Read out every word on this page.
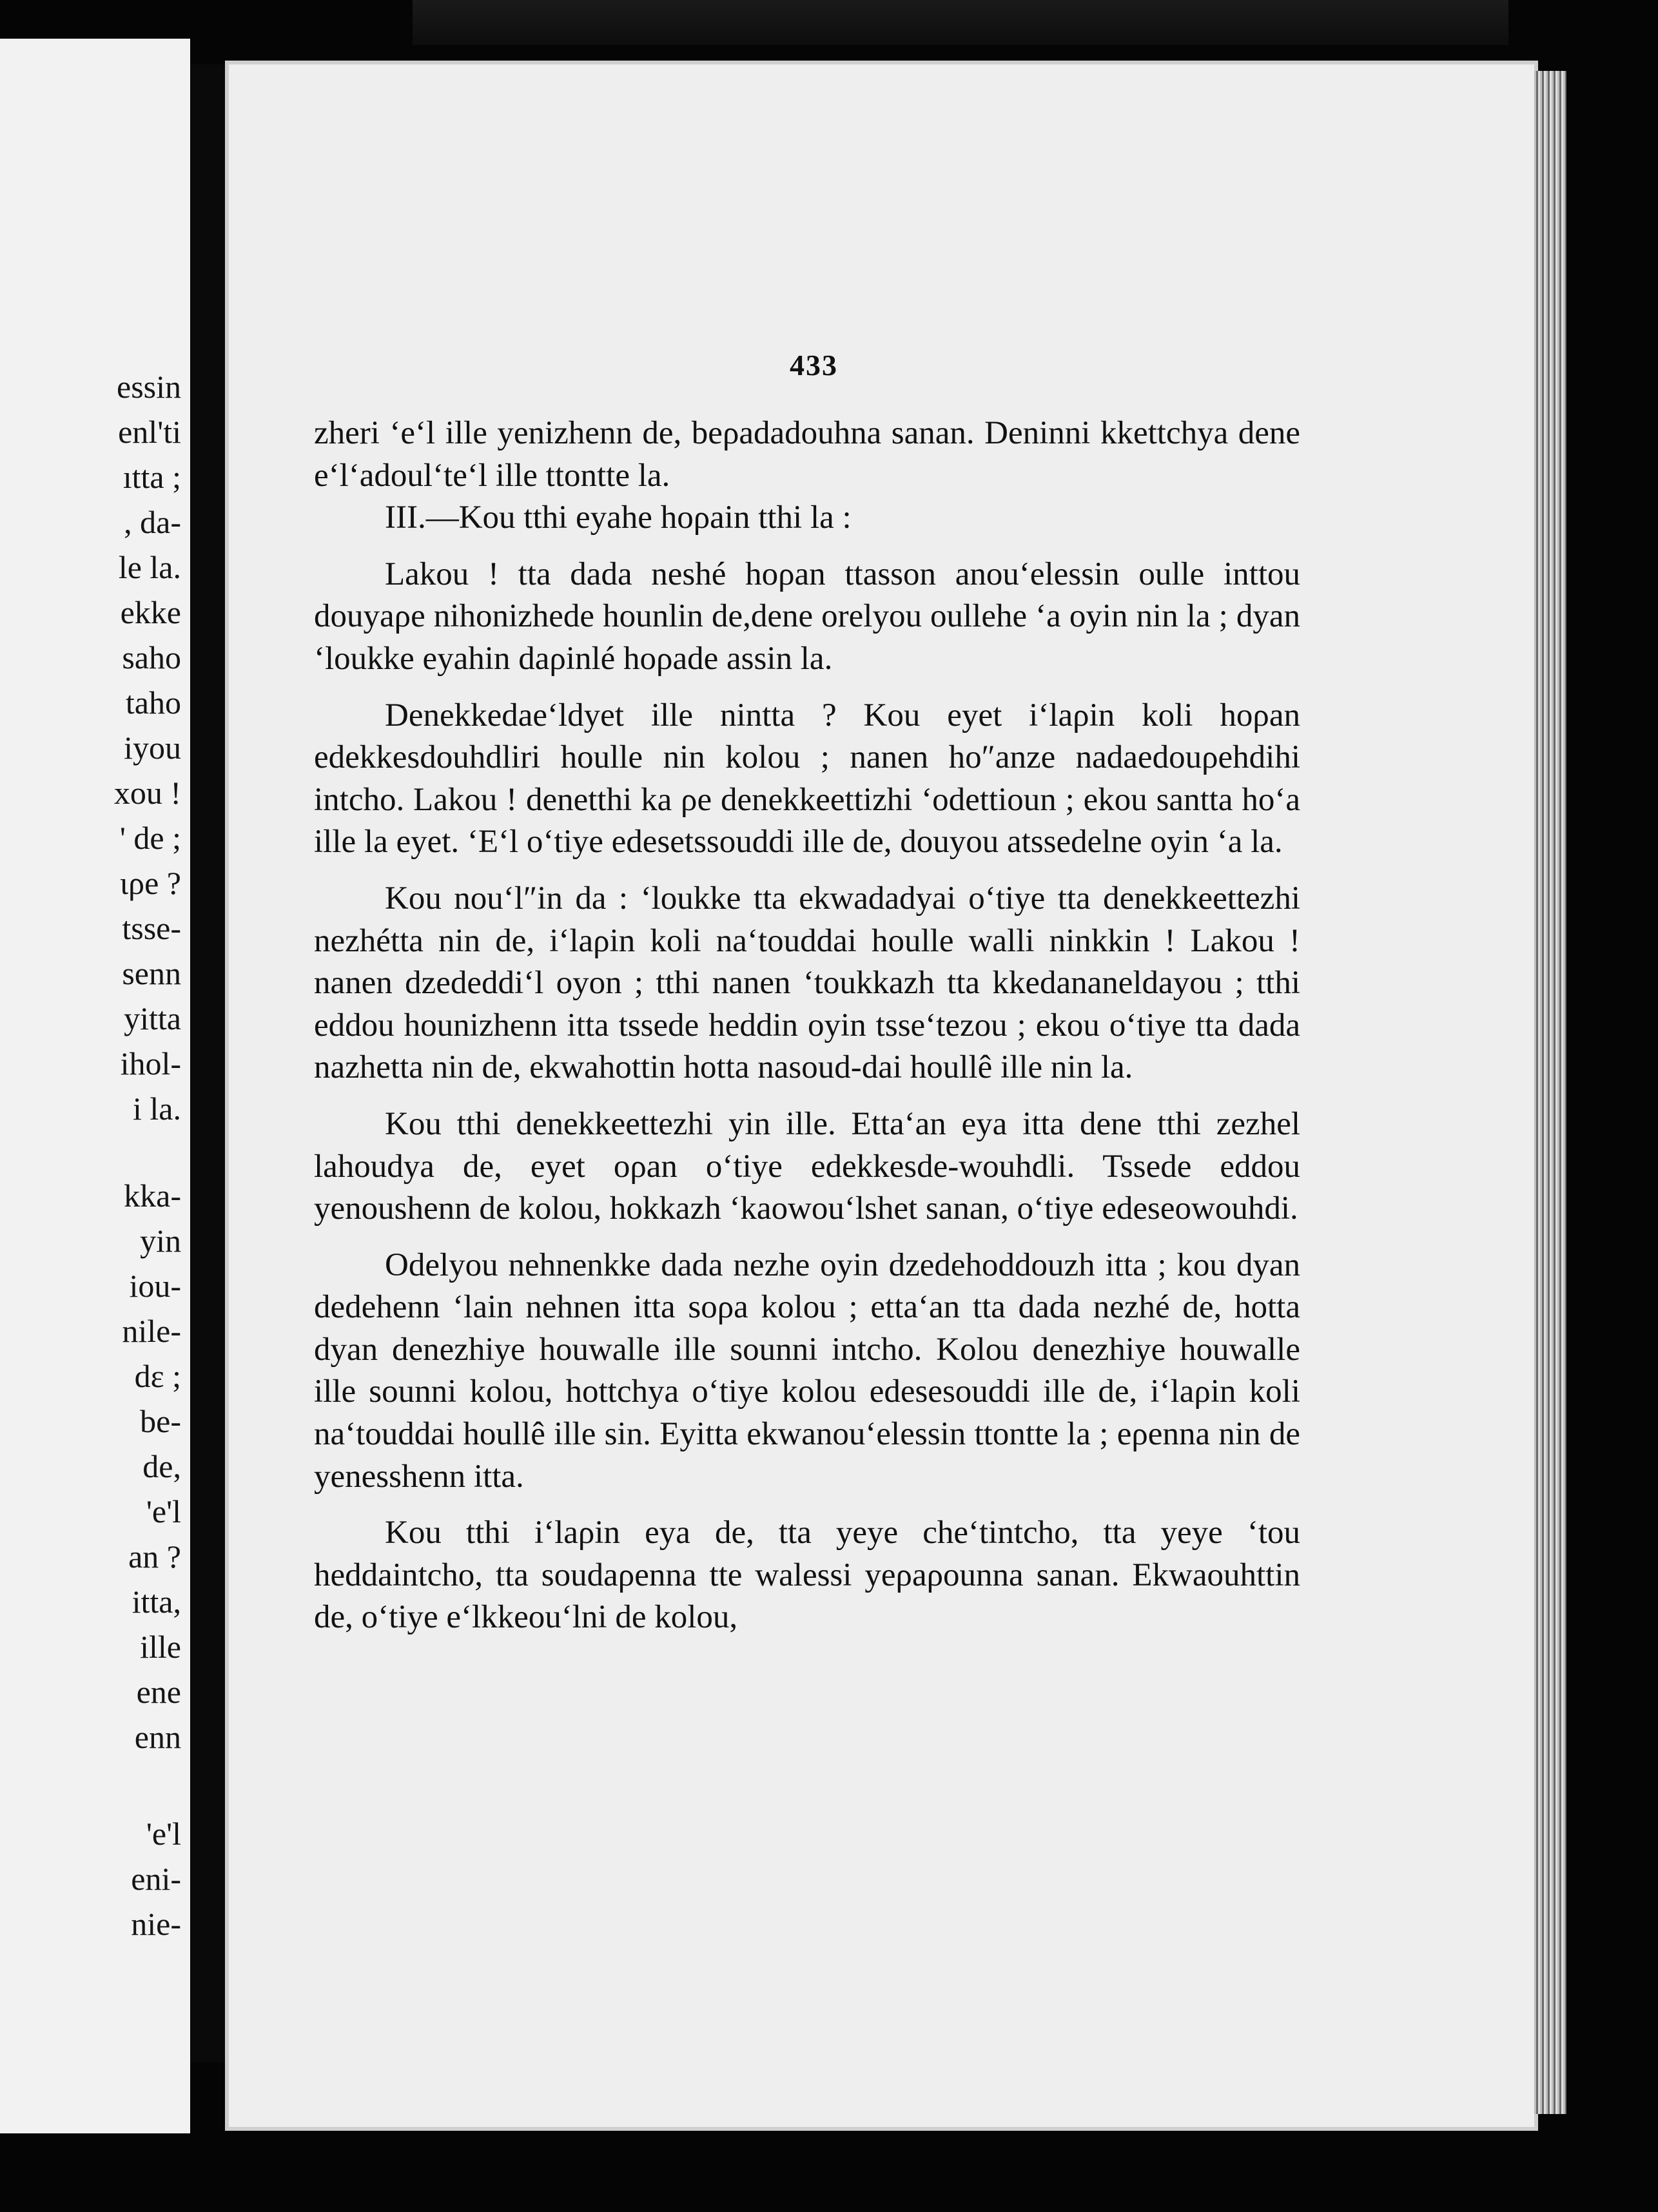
essin
enl'ti
ıtta ;
, da-
le la.
ekke
saho
taho
iyou
xou !
' de ;
ιρe ?
tsse-
senn
yitta
ihol-
i la.
kka-
yin
iou-
nile-
dε ;
be-
de,
'e'l
an ?
itta,
ille
ene
enn
'e'l
eni-
nie-
433

zheri ‘e‘l ille yenizhenn de, beρadadouhna sanan. Deninni kkettchya dene e‘l‘adoul‘te‘l ille ttontte la.

III.—Kou tthi eyahe hoρain tthi la :

Lakou ! tta dada neshé hoρan ttasson anou‘elessin oulle inttou douyaρe nihonizhede hounlin de,dene orelyou oullehe ‘a oyin nin la ; dyan ‘loukke eyahin daρinlé hoρade assin la.

Denekkedae‘ldyet ille nintta ? Kou eyet i‘laρin koli hoρan edekkesdouhdliri houlle nin kolou ; nanen ho″anze nadaedouρehdihi intcho. Lakou ! denetthi ka ρe denekkeettizhi ‘odettioun ; ekou santta ho‘a ille la eyet. ‘E‘l o‘tiye edesetssouddi ille de, douyou atssedelne oyin ‘a la.

Kou nou‘l″in da : ‘loukke tta ekwadadyai o‘tiye tta denekkeettezhi nezhétta nin de, i‘laρin koli na‘touddai houlle walli ninkkin ! Lakou ! nanen dzededdi‘l oyon ; tthi nanen ‘toukkazh tta kkedananeldayou ; tthi eddou hounizhenn itta tssede heddin oyin tsse‘tezou ; ekou o‘tiye tta dada nazhetta nin de, ekwahottin hotta nasoud-dai houllê ille nin la.

Kou tthi denekkeettezhi yin ille. Etta‘an eya itta dene tthi zezhel lahoudya de, eyet oρan o‘tiye edekkesde-wouhdli. Tssede eddou yenoushenn de kolou, hokkazh ‘kaowou‘lshet sanan, o‘tiye edeseowouhdi.

Odelyou nehnenkke dada nezhe oyin dzedehoddouzh itta ; kou dyan dedehenn ‘lain nehnen itta soρa kolou ; etta‘an tta dada nezhé de, hotta dyan denezhiye houwalle ille sounni intcho. Kolou denezhiye houwalle ille sounni kolou, hottchya o‘tiye kolou edesesouddi ille de, i‘laρin koli na‘touddai houllê ille sin. Eyitta ekwanou‘elessin ttontte la ; eρenna nin de yenesshenn itta.

Kou tthi i‘laρin eya de, tta yeye che‘tintcho, tta yeye ‘tou heddaintcho, tta soudaρenna tte walessi yeρaρounna sanan. Ekwaouhttin de, o‘tiye e‘lkkeou‘lni de kolou,
